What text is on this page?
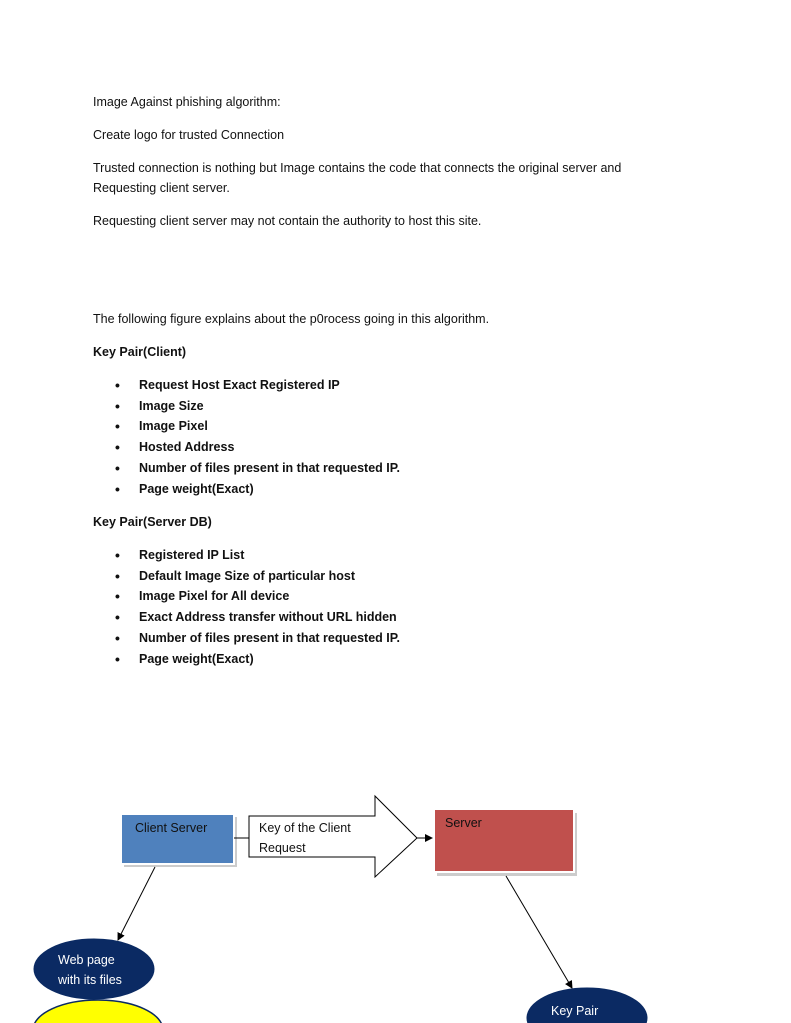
Image Against phishing algorithm:
Create logo for trusted Connection
Trusted connection is nothing but Image contains the code that connects the original server and
Requesting client server.
Requesting client server may not contain the authority to host this site.
The following figure explains about the p0rocess going in this algorithm.
Key Pair(Client)
• Request Host Exact Registered IP
• Image Size
• Image Pixel
• Hosted Address
• Number of files present in that requested IP.
• Page weight(Exact)
Key Pair(Server DB)
• Registered IP List
• Default Image Size of particular host
• Image Pixel for All device
• Exact Address transfer without URL hidden
• Number of files present in that requested IP.
• Page weight(Exact)
Client Server	Key of the Client
Request
Server
Web page
with its files
Key Pair
